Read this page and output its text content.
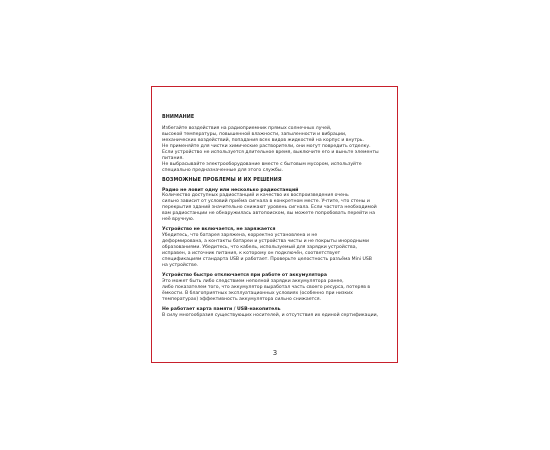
ВНИМАНИЕ

Избегайте воздействия на радиоприемник прямых солнечных лучей,

высокой температуры, повышенной влажности, запыленности и вибрации,

механических воздействий, попадания всех видов жидкостей на корпус и внутрь.

Не применяйте для чистки химические растворители, они могут повредить отделку.

Если устройство не используется длительное время, выключите его и выньте элементы

питания.

Не выбрасывайте электрооборудование вместе с бытовым мусором, используйте

специально предназначенные для этого службы.

ВОЗМОЖНЫЕ ПРОБЛЕМЫ И ИХ РЕШЕНИЯ

Радио не ловит одну или несколько радиостанций

Количество доступных радиостанций и качество их воспроизведения очень

сильно зависит от условий приёма сигнала в конкретном месте. Учтите, что стены и

перекрытия зданий значительно снижают уровень сигнала. Если частота необходимой

вам радиостанции не обнаружилась автопоиском, вы можете попробовать перейти на

неё вручную.

Устройство не включается, не заряжается

Убедитесь, что батарея заряжена, корректно установлена и не

деформирована, а контакты батареи и устройства чисты и не покрыты инородными

образованиями. Убедитесь, что кабель, используемый для зарядки устройства,

исправен, а источник питания, к которому он подключён, соответствует

спецификациям стандарта USB и работает. Проверьте целостность разъёма Mini USB

на устройстве.

Устройство быстро отключается при работе от аккумулятора

Это может быть либо следствием неполной зарядки аккумулятора ранее,

либо показателем того, что аккумулятор выработал часть своего ресурса, потеряв в

ёмкости. В благоприятных эксплуатационных условиях (особенно при низких

температурах) эффективность аккумулятора сильно снижается.

Не работает карта памяти / USB-накопитель

В силу многообразия существующих носителей, и отсутствия их единой сертификации,

3
